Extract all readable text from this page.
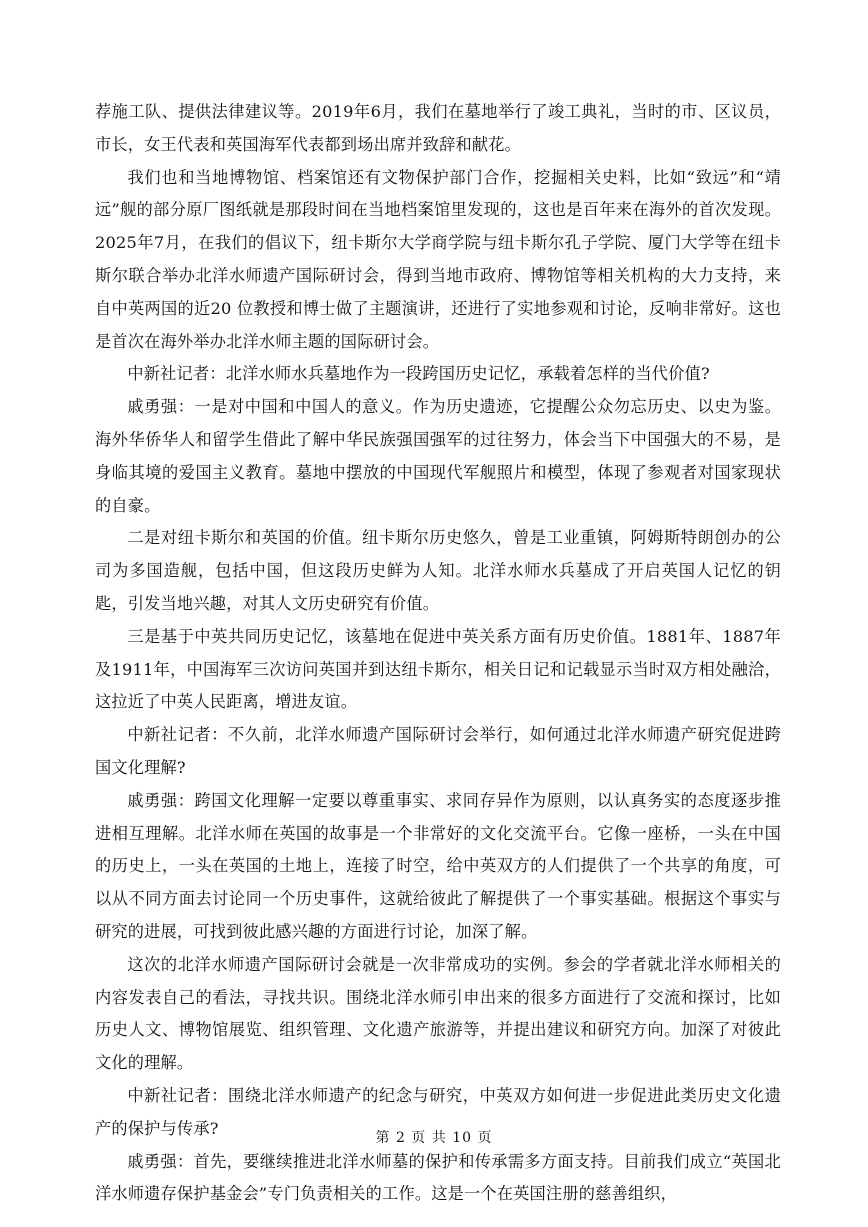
荐施工队、提供法律建议等。2019年6月，我们在墓地举行了竣工典礼，当时的市、区议员，市长，女王代表和英国海军代表都到场出席并致辞和献花。

我们也和当地博物馆、档案馆还有文物保护部门合作，挖掘相关史料，比如“致远”和“靖远”舰的部分原厂图纸就是那段时间在当地档案馆里发现的，这也是百年来在海外的首次发现。2025年7月，在我们的倡议下，纽卡斯尔大学商学院与纽卡斯尔孔子学院、厦门大学等在纽卡斯尔联合举办北洋水师遗产国际研讨会，得到当地市政府、博物馆等相关机构的大力支持，来自中英两国的近20 位教授和博士做了主题演讲，还进行了实地参观和讨论，反响非常好。这也是首次在海外举办北洋水师主题的国际研讨会。

中新社记者：北洋水师水兵墓地作为一段跨国历史记忆，承载着怎样的当代价值?

戚勇强：一是对中国和中国人的意义。作为历史遗迹，它提醒公众勿忘历史、以史为鉴。海外华侨华人和留学生借此了解中华民族强国强军的过往努力，体会当下中国强大的不易，是身临其境的爱国主义教育。墓地中摆放的中国现代军舰照片和模型，体现了参观者对国家现状的自豪。

二是对纽卡斯尔和英国的价值。纽卡斯尔历史悠久，曾是工业重镇，阿姆斯特朗创办的公司为多国造舰，包括中国，但这段历史鲜为人知。北洋水师水兵墓成了开启英国人记忆的钥匙，引发当地兴趣，对其人文历史研究有价值。

三是基于中英共同历史记忆，该墓地在促进中英关系方面有历史价值。1881年、1887年及1911年，中国海军三次访问英国并到达纽卡斯尔，相关日记和记载显示当时双方相处融洽，这拉近了中英人民距离，增进友谊。

中新社记者：不久前，北洋水师遗产国际研讨会举行，如何通过北洋水师遗产研究促进跨国文化理解?

戚勇强：跨国文化理解一定要以尊重事实、求同存异作为原则，以认真务实的态度逐步推进相互理解。北洋水师在英国的故事是一个非常好的文化交流平台。它像一座桥，一头在中国的历史上，一头在英国的土地上，连接了时空，给中英双方的人们提供了一个共享的角度，可以从不同方面去讨论同一个历史事件，这就给彼此了解提供了一个事实基础。根据这个事实与研究的进展，可找到彼此感兴趣的方面进行讨论，加深了解。

这次的北洋水师遗产国际研讨会就是一次非常成功的实例。参会的学者就北洋水师相关的内容发表自己的看法，寻找共识。围绕北洋水师引申出来的很多方面进行了交流和探讨，比如历史人文、博物馆展览、组织管理、文化遗产旅游等，并提出建议和研究方向。加深了对彼此文化的理解。

中新社记者：围绕北洋水师遗产的纪念与研究，中英双方如何进一步促进此类历史文化遗产的保护与传承?

戚勇强：首先，要继续推进北洋水师墓的保护和传承需多方面支持。目前我们成立“英国北洋水师遗存保护基金会”专门负责相关的工作。这是一个在英国注册的慈善组织，

第 2 页 共 10 页
